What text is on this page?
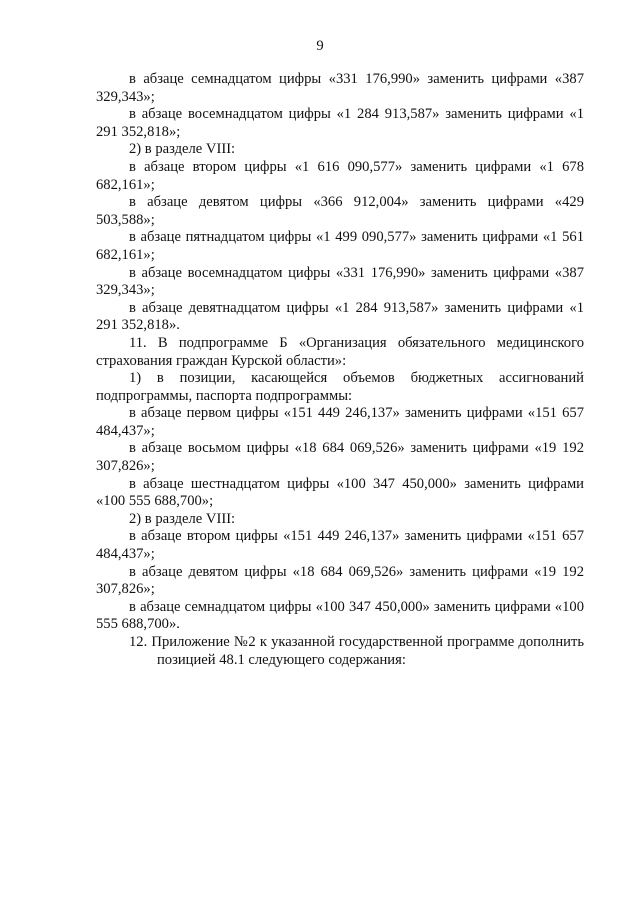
9

в абзаце семнадцатом цифры «331 176,990» заменить цифрами «387 329,343»;

в абзаце восемнадцатом цифры «1 284 913,587» заменить цифрами «1 291 352,818»;

2) в разделе VIII:

в абзаце втором цифры «1 616 090,577» заменить цифрами «1 678 682,161»;

в абзаце девятом цифры «366 912,004» заменить цифрами «429 503,588»;

в абзаце пятнадцатом цифры «1 499 090,577» заменить цифрами «1 561 682,161»;

в абзаце восемнадцатом цифры «331 176,990» заменить цифрами «387 329,343»;

в абзаце девятнадцатом цифры «1 284 913,587» заменить цифрами «1 291 352,818».

11. В подпрограмме Б «Организация обязательного медицинского страхования граждан Курской области»:

1) в позиции, касающейся объемов бюджетных ассигнований подпрограммы, паспорта подпрограммы:

в абзаце первом цифры «151 449 246,137» заменить цифрами «151 657 484,437»;

в абзаце восьмом цифры «18 684 069,526» заменить цифрами «19 192 307,826»;

в абзаце шестнадцатом цифры «100 347 450,000» заменить цифрами «100 555 688,700»;

2) в разделе VIII:

в абзаце втором цифры «151 449 246,137» заменить цифрами «151 657 484,437»;

в абзаце девятом цифры «18 684 069,526» заменить цифрами «19 192 307,826»;

в абзаце семнадцатом цифры «100 347 450,000» заменить цифрами «100 555 688,700».

12. Приложение №2 к указанной государственной программе дополнить позицией 48.1 следующего содержания:
